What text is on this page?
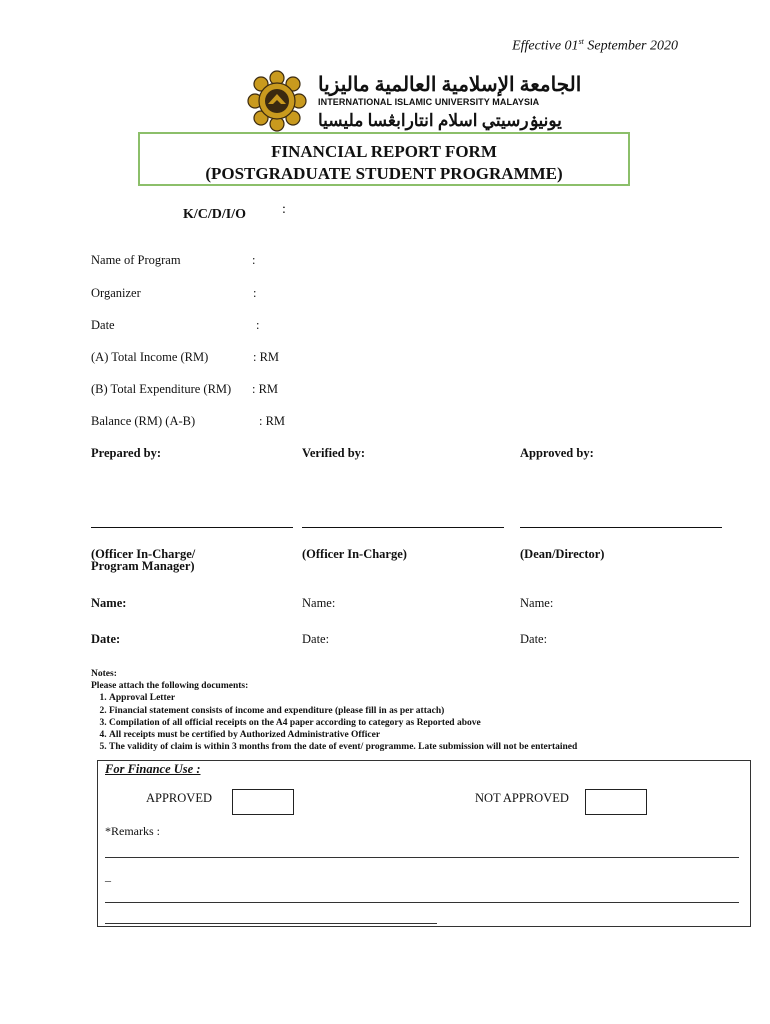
Effective 01st September 2020
الجامعة الإسلامية العالمية ماليزيا
INTERNATIONAL ISLAMIC UNIVERSITY MALAYSIA
يونيۏرسيتي اسلام انتارابڠسا مليسيا
FINANCIAL REPORT FORM
(POSTGRADUATE STUDENT PROGRAMME)
K/C/D/I/O	:
Name of Program	:
Organizer	:
Date	:
(A) Total Income (RM)	: RM
(B) Total Expenditure (RM) : RM
Balance (RM) (A-B)	: RM
Prepared by:	Verified by:	Approved by:
(Officer In-Charge/
Program Manager)
(Officer In-Charge)	(Dean/Director)
Name:	Name:	Name:
Date:	Date:	Date:
Notes:
Please attach the following documents:
1. Approval Letter
2. Financial statement consists of income and expenditure (please fill in as per attach)
3. Compilation of all official receipts on the A4 paper according to category as Reported above
4. All receipts must be certified by Authorized Administrative Officer
5. The validity of claim is within 3 months from the date of event/ programme. Late submission will not be entertained
For Finance Use :
APPROVED	NOT APPROVED
*Remarks :
_
